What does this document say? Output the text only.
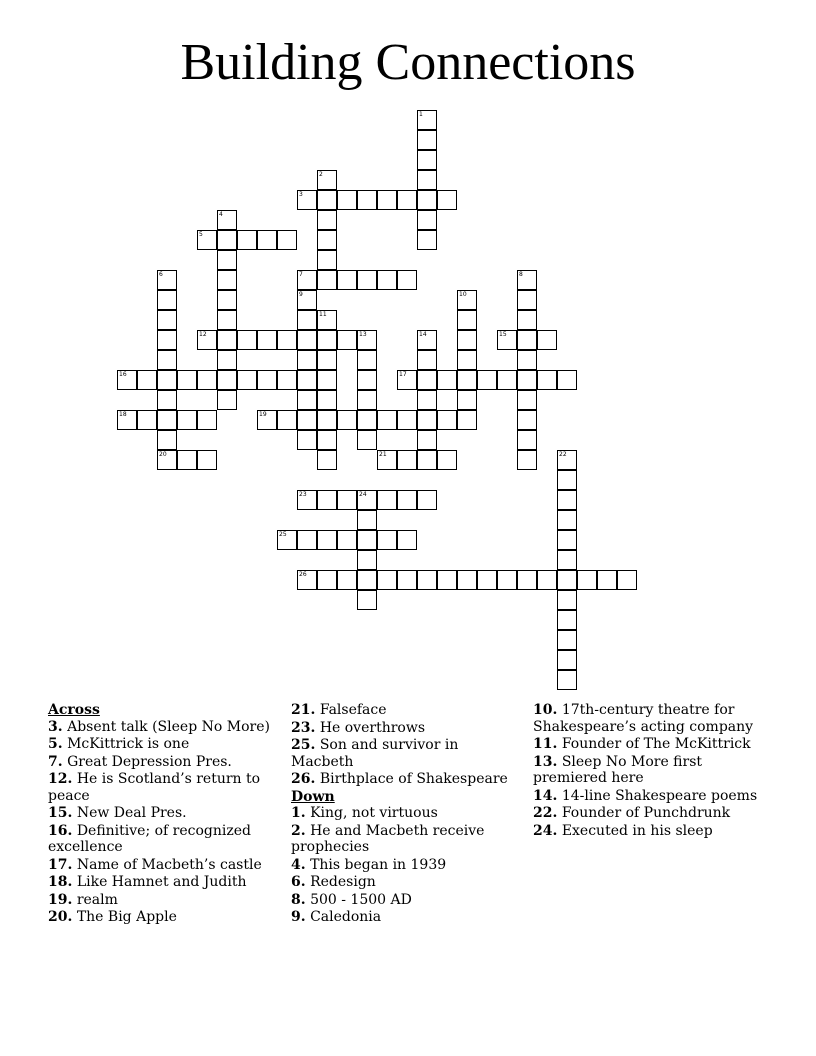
Building Connections
1
2
3
4
5
6
20
7	8
9	10
11
12	13	14	15
16	17
18	19
21	22
23	24
25
26

Across

3. Absent talk (Sleep No More)

5. McKittrick is one

7. Great Depression Pres.

12. He is Scotland’s return to peace

15. New Deal Pres.

16. Definitive; of recognized excellence

17. Name of Macbeth’s castle

18. Like Hamnet and Judith

19. realm

20. The Big Apple

21. Falseface

23. He overthrows

25. Son and survivor in Macbeth

26. Birthplace of Shakespeare

Down

1. King, not virtuous

2. He and Macbeth receive prophecies

4. This began in 1939

6. Redesign

8. 500 - 1500 AD

9. Caledonia

10. 17th-century theatre for Shakespeare’s acting company

11. Founder of The McKittrick

13. Sleep No More first premiered here

14. 14-line Shakespeare poems

22. Founder of Punchdrunk

24. Executed in his sleep
